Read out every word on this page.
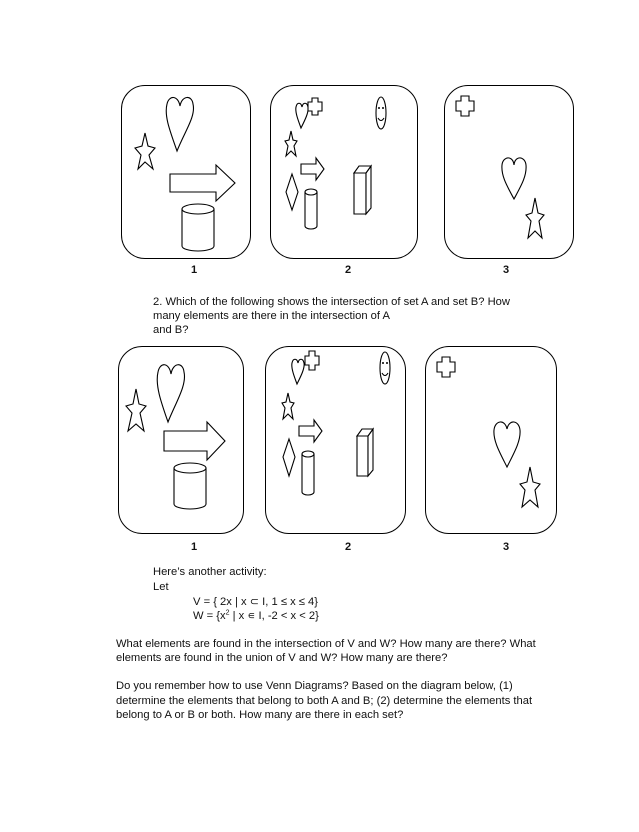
1	2	3
2. Which of the following shows the intersection of set A and set B? How
many elements are there in the intersection of A
and B?
1	2	3
Here’s another activity:
Let
V = { 2x | x ⊂ I, 1 ≤ x ≤ 4}
$W = \{x^2$ | x ∊ I, -2 < x < 2}
What elements are found in the intersection of V and W? How many are there? What
elements are found in the union of V and W? How many are there?
Do you remember how to use Venn Diagrams? Based on the diagram below, (1)
determine the elements that belong to both A and B; (2) determine the elements that
belong to A or B or both. How many are there in each set?
